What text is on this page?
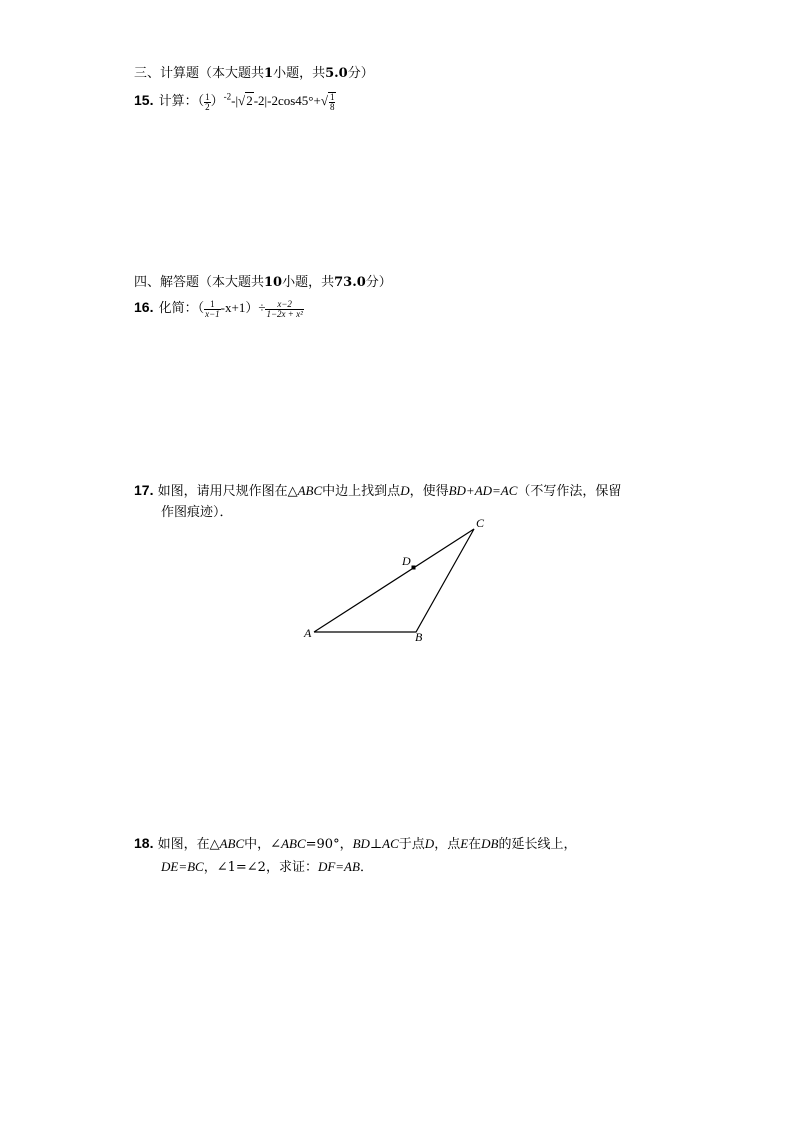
三、计算题（本大题共1小题，共5.0分）
15. 计算：（ $\frac{1}{2} )^{-2}-|√2-2|-2\cos 45^\circ+√ \frac{1}{8}$
四、解答题（本大题共10小题，共73.0分）
16. 化简：（ $\frac{1}{x-1} -x+1)\div \frac{x-2}{\text{1−2x + x²}}$
17. 如图，请用尺规作图在△ABC中边上找到点D，使得BD+AD=AC（不写作法，保留
作图痕迹）．
A	B
C
D
18. 如图，在△ABC中，∠ABC=90°，BD⊥AC于点D，点E在DB的延长线上，
DE=BC，∠1=∠2，求证：DF=AB．
